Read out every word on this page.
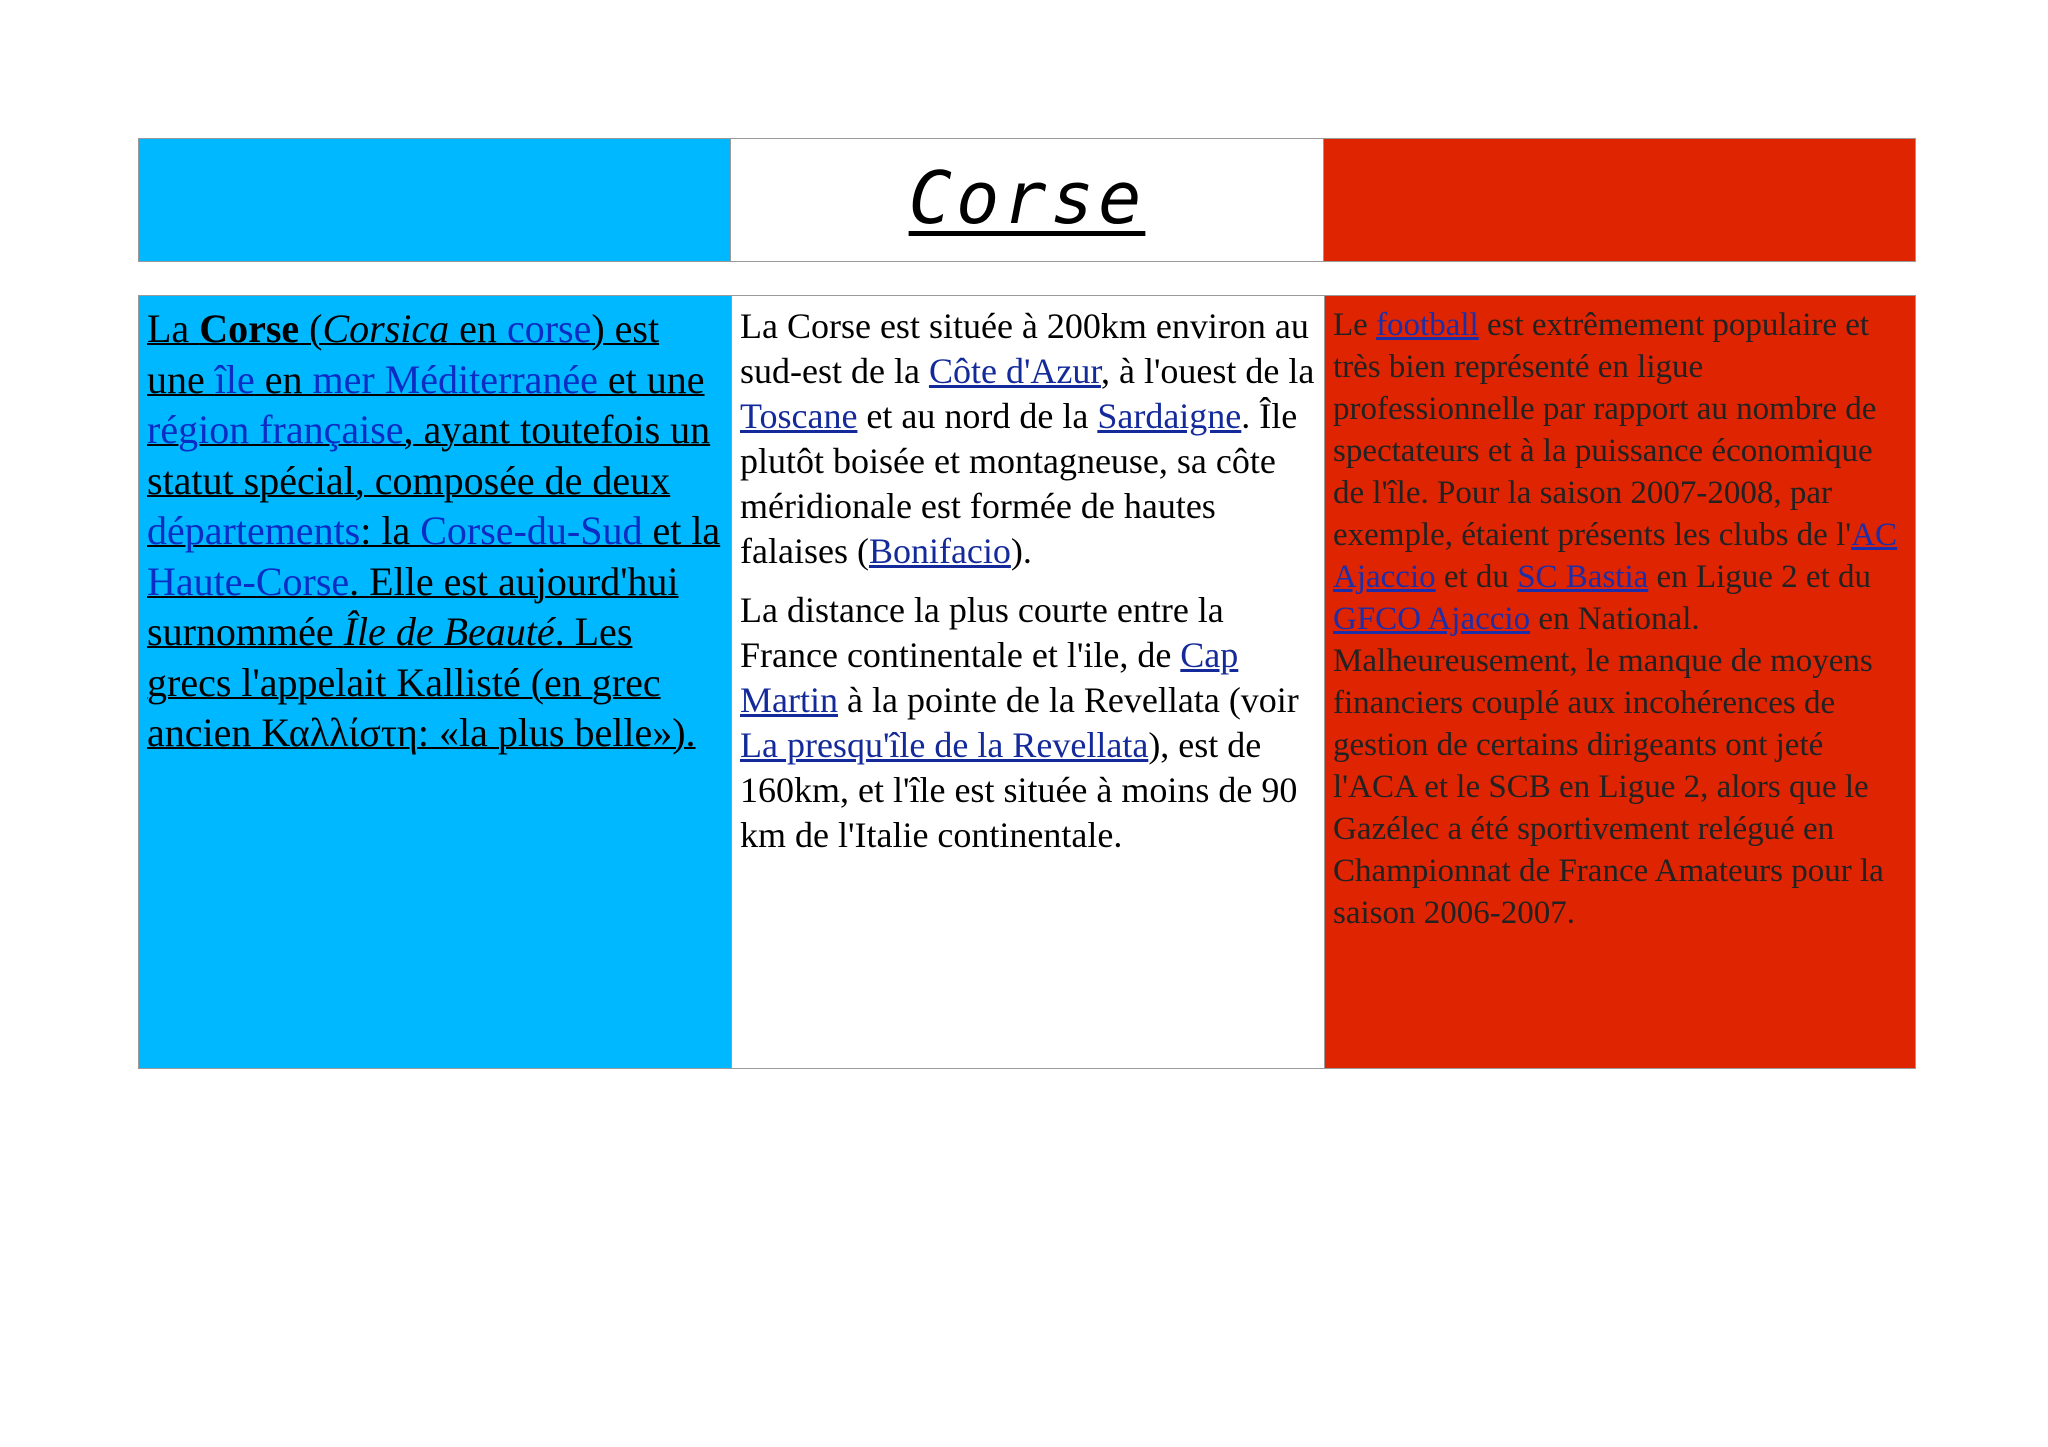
Corse

La Corse (Corsica en corse) est une île en mer Méditerranée et une région française, ayant toutefois un statut spécial, composée de deux départements: la Corse-du-Sud et la Haute-Corse. Elle est aujourd'hui surnommée Île de Beauté. Les grecs l'appelait Kallisté (en grec ancien Καλλίστη: «la plus belle»).

La Corse est située à 200km environ au sud-est de la Côte d'Azur, à l'ouest de la Toscane et au nord de la Sardaigne. Île plutôt boisée et montagneuse, sa côte méridionale est formée de hautes falaises (Bonifacio).

La distance la plus courte entre la France continentale et l'ile, de Cap Martin à la pointe de la Revellata (voir La presqu'île de la Revellata), est de 160km, et l'île est située à moins de 90 km de l'Italie continentale.

Le football est extrêmement populaire et très bien représenté en ligue professionnelle par rapport au nombre de spectateurs et à la puissance économique de l'île. Pour la saison 2007-2008, par exemple, étaient présents les clubs de l'AC Ajaccio et du SC Bastia en Ligue 2 et du GFCO Ajaccio en National. Malheureusement, le manque de moyens financiers couplé aux incohérences de gestion de certains dirigeants ont jeté l'ACA et le SCB en Ligue 2, alors que le Gazélec a été sportivement relégué en Championnat de France Amateurs pour la saison 2006-2007.
